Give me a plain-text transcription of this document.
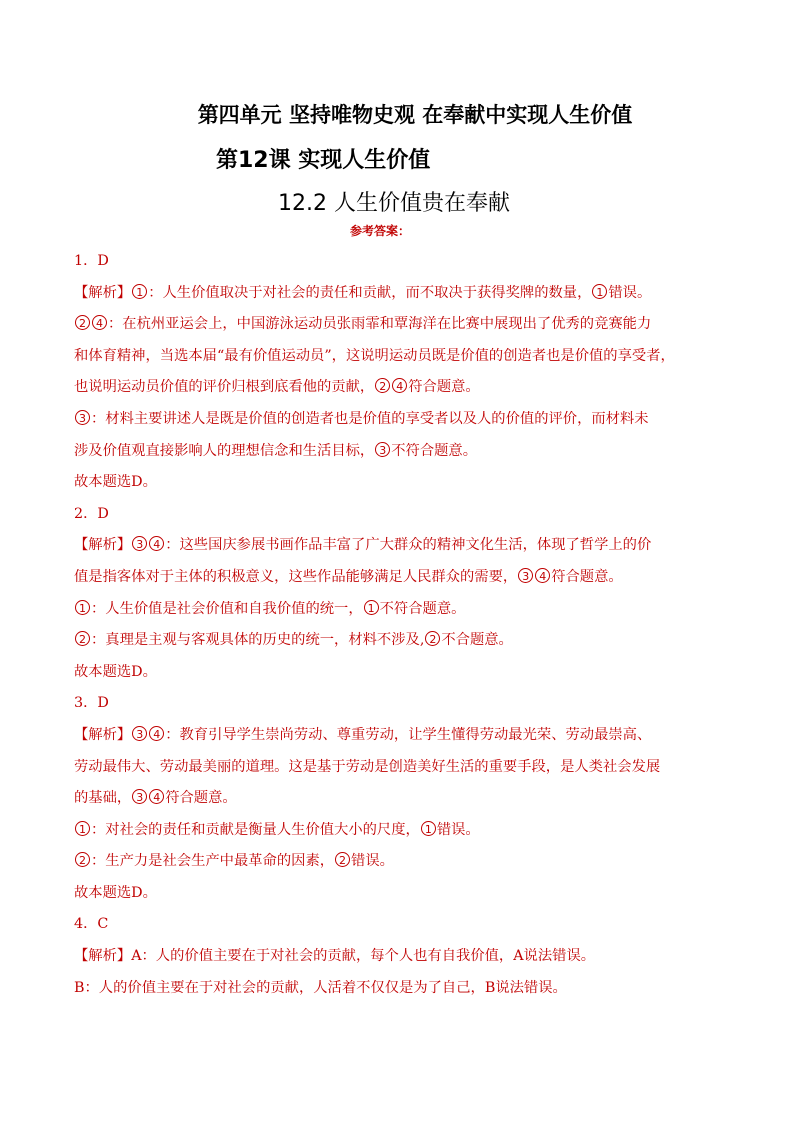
第四单元 坚持唯物史观 在奉献中实现人生价值
第12课 实现人生价值
12.2 人生价值贵在奉献
参考答案：
1．D
【解析】 1 ：人生价值取决于对社会的责任和贡献，而不取决于获得奖牌的数量， 1 错误。
2 4 ：在杭州亚运会上，中国游泳运动员张雨霏和覃海洋在比赛中展现出了优秀的竞赛能力
和体育精神，当选本届“最有价值运动员”，这说明运动员既是价值的创造者也是价值的享受者，
也说明运动员价值的评价归根到底看他的贡献， 2 4 符合题意。
3 ：材料主要讲述人是既是价值的创造者也是价值的享受者以及人的价值的评价，而材料未
涉及价值观直接影响人的理想信念和生活目标， 3 不符合题意。
故本题选D。
2．D
【解析】 3 4 ：这些国庆参展书画作品丰富了广大群众的精神文化生活，体现了哲学上的价
值是指客体对于主体的积极意义，这些作品能够满足人民群众的需要， 3 4 符合题意。
1 ：人生价值是社会价值和自我价值的统一， 1 不符合题意。
2 ：真理是主观与客观具体的历史的统一，材料不涉及, 2 不合题意。
故本题选D。
3．D
【解析】 3 4 ：教育引导学生崇尚劳动、尊重劳动，让学生懂得劳动最光荣、劳动最崇高、
劳动最伟大、劳动最美丽的道理。这是基于劳动是创造美好生活的重要手段，是人类社会发展
的基础， 3 4 符合题意。
1 ：对社会的责任和贡献是衡量人生价值大小的尺度， 1 错误。
2 ：生产力是社会生产中最革命的因素， 2 错误。
故本题选D。
4．C
【解析】A：人的价值主要在于对社会的贡献，每个人也有自我价值，A说法错误。
B：人的价值主要在于对社会的贡献，人活着不仅仅是为了自己，B说法错误。
